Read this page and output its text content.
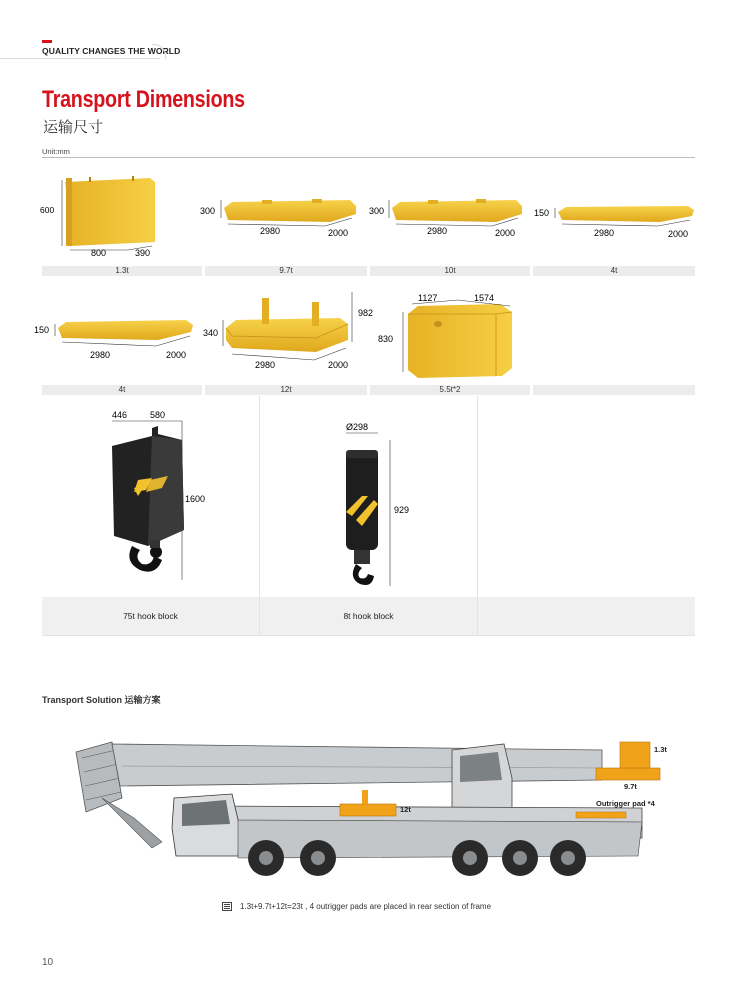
QUALITY CHANGES THE WORLD
Transport Dimensions
运输尺寸
Unit:mm
600
800	390
300
2980	2000
300
2980	2000
150
2980	2000
1.3t	9.7t	10t	4t
150
2980	2000
340
2980	2000
982
1127	1574
830
4t	12t	5.5t*2
446	580
1600
Ø298
929
75t hook block	8t hook block
Transport Solution 运输方案
1.3t
9.7t
12t
Outrigger pad *4
1.3t+9.7t+12t=23t , 4 outrigger pads are placed in rear section of frame
10
